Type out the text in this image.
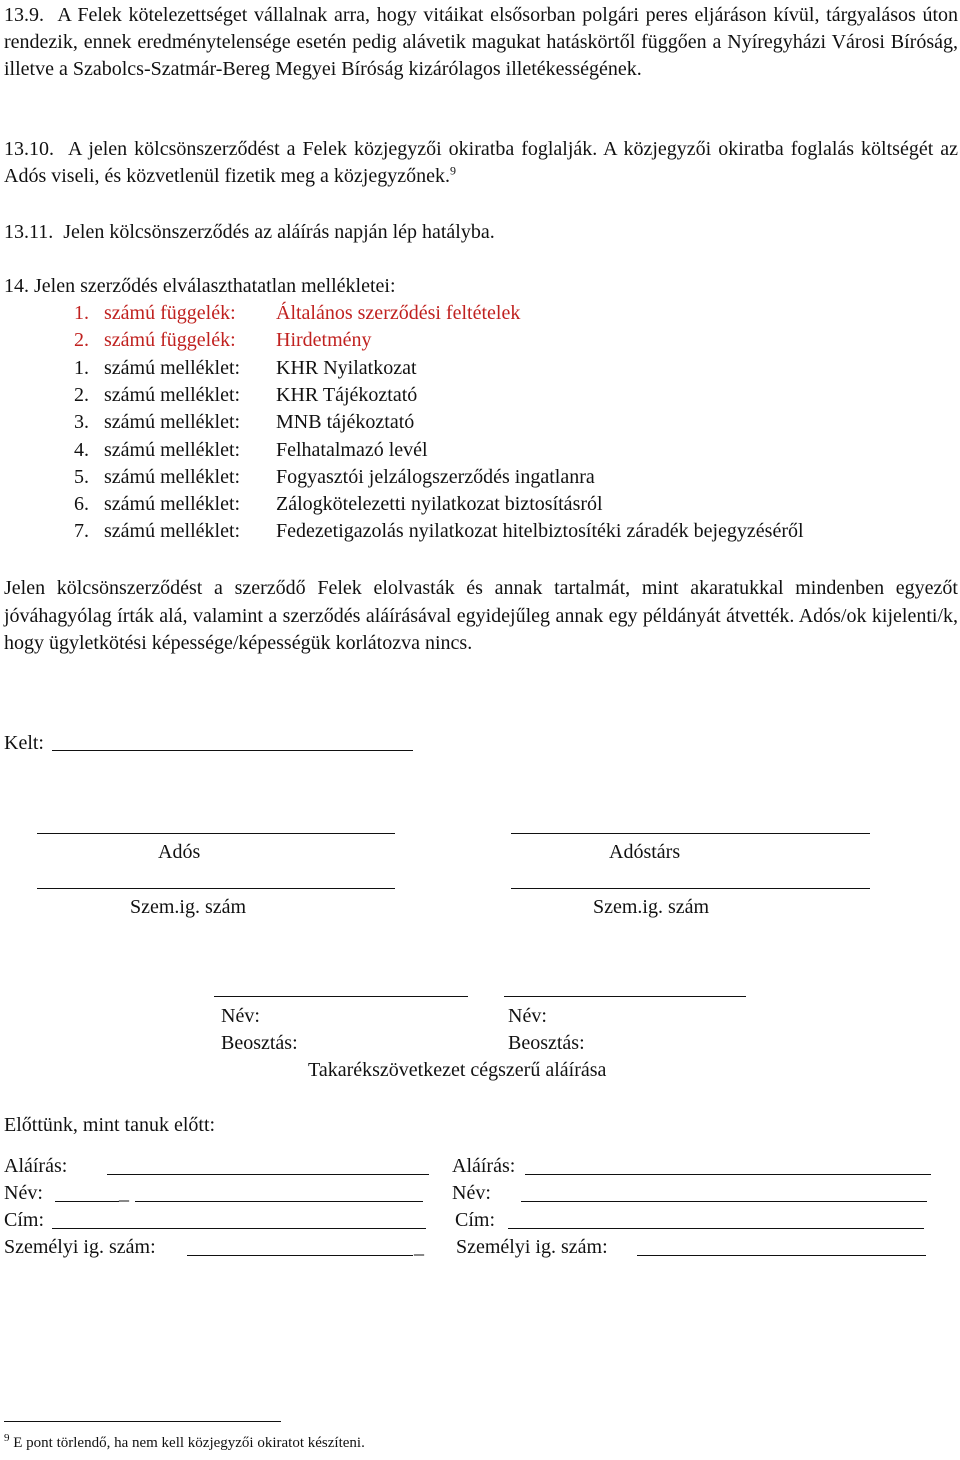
13.9. A Felek kötelezettséget vállalnak arra, hogy vitáikat elsősorban polgári peres eljáráson kívül, tárgyalásos úton rendezik, ennek eredménytelensége esetén pedig alávetik magukat hatáskörtől függően a Nyíregyházi Városi Bíróság, illetve a Szabolcs-Szatmár-Bereg Megyei Bíróság kizárólagos illetékességének.
13.10. A jelen kölcsönszerződést a Felek közjegyzői okiratba foglalják. A közjegyzői okiratba foglalás költségét az Adós viseli, és közvetlenül fizetik meg a közjegyzőnek.$^9$
13.11. Jelen kölcsönszerződés az aláírás napján lép hatályba.
14. Jelen szerződés elválaszthatatlan mellékletei:
1. számú függelék: Általános szerződési feltételek
2. számú függelék: Hirdetmény
1. számú melléklet: KHR Nyilatkozat
2. számú melléklet: KHR Tájékoztató
3. számú melléklet: MNB tájékoztató
4. számú melléklet: Felhatalmazó levél
5. számú melléklet: Fogyasztói jelzálogszerződés ingatlanra
6. számú melléklet: Zálogkötelezetti nyilatkozat biztosításról
7. számú melléklet: Fedezetigazolás nyilatkozat hitelbiztosítéki záradék bejegyzéséről
Jelen kölcsönszerződést a szerződő Felek elolvasták és annak tartalmát, mint akaratukkal mindenben egyezőt jóváhagyólag írták alá, valamint a szerződés aláírásával egyidejűleg annak egy példányát átvették. Adós/ok kijelenti/k, hogy ügyletkötési képessége/képességük korlátozva nincs.
Kelt:
Adós	Adóstárs
Szem.ig. szám	Szem.ig. szám
Név:	Név:
Beosztás:	Beosztás:
Takarékszövetkezet cégszerű aláírása
Előttünk, mint tanuk előtt:
Aláírás:	Aláírás:
Név:	_	Név:
Cím:	Cím:
Személyi ig. szám:	_ Személyi ig. szám:
$^9$ E pont törlendő, ha nem kell közjegyzői okiratot készíteni.
